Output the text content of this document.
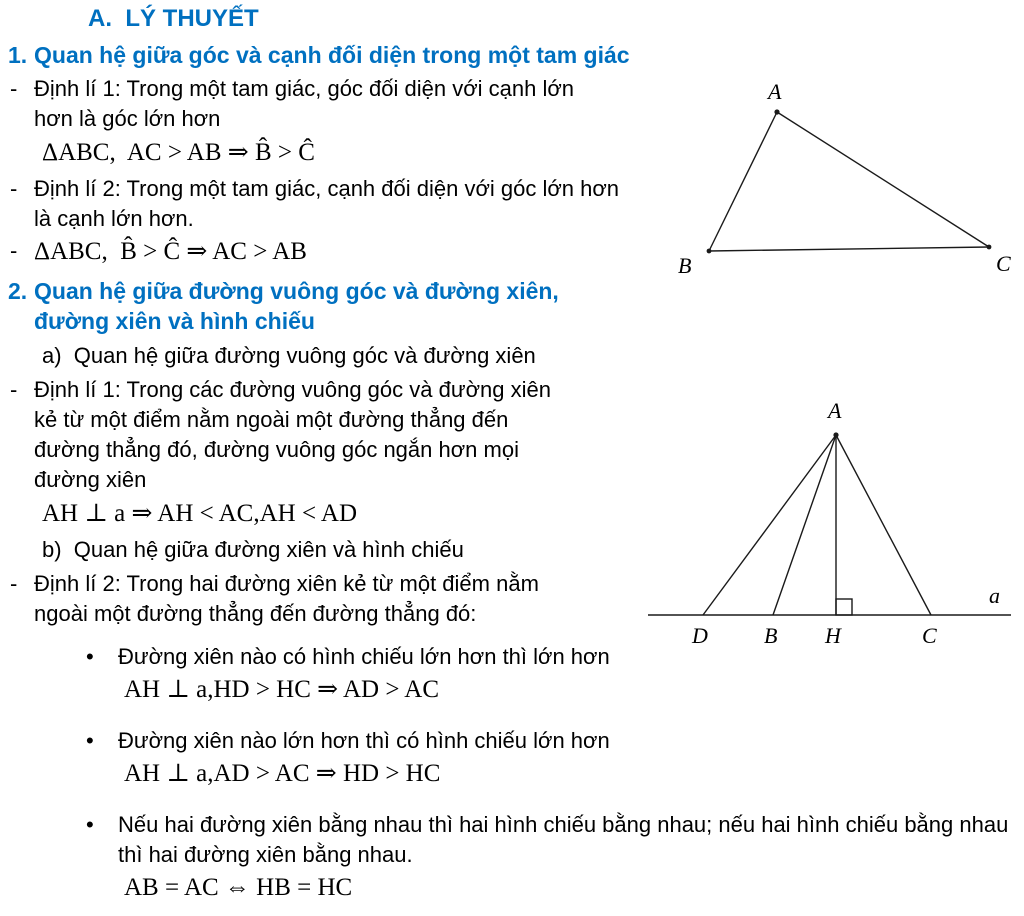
A.  LÝ THUYẾT
1. Quan hệ giữa góc và cạnh đối diện trong một tam giác
- Định lí 1: Trong một tam giác, góc đối diện với cạnh lớn hơn là góc lớn hơn
ΔABC,  AC > AB ⇒ B̂ > Ĉ
- Định lí 2: Trong một tam giác, cạnh đối diện với góc lớn hơn là cạnh lớn hơn.
- ΔABC,  B̂ > Ĉ ⇒ AC > AB
2. Quan hệ giữa đường vuông góc và đường xiên, đường xiên và hình chiếu
a)  Quan hệ giữa đường vuông góc và đường xiên
- Định lí 1: Trong các đường vuông góc và đường xiên kẻ từ một điểm nằm ngoài một đường thẳng đến đường thẳng đó, đường vuông góc ngắn hơn mọi đường xiên
AH ⊥ a ⇒ AH < AC,AH < AD
b)  Quan hệ giữa đường xiên và hình chiếu
- Định lí 2: Trong hai đường xiên kẻ từ một điểm nằm ngoài một đường thẳng đến đường thẳng đó:
•	Đường xiên nào có hình chiếu lớn hơn thì lớn hơn
AH ⊥ a,HD > HC ⇒ AD > AC
•	Đường xiên nào lớn hơn thì có hình chiếu lớn hơn
AH ⊥ a,AD > AC ⇒ HD > HC
•	Nếu hai đường xiên bằng nhau thì hai hình chiếu bằng nhau; nếu hai hình chiếu bằng nhau thì hai đường xiên bằng nhau.
AB = AC ⇔ HB = HC
A
B	C
A
D	B H	C
a
